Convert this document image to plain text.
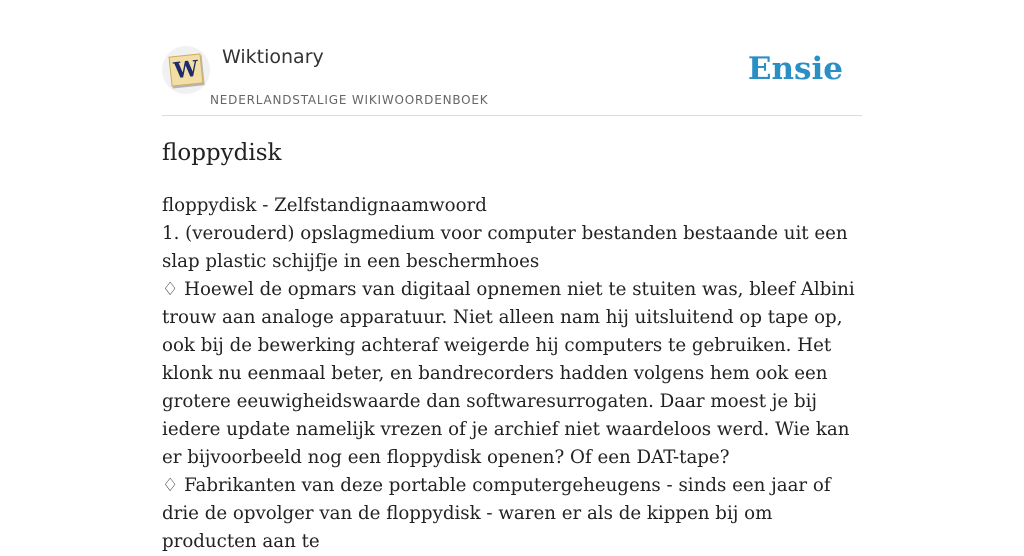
W Wiktionary
NEDERLANDSTALIGE WIKIWOORDENBOEK
Ensie
floppydisk

floppydisk - Zelfstandignaamwoord

1. (verouderd) opslagmedium voor computer bestanden bestaande uit een slap plastic schijfje in een beschermhoes

♢ Hoewel de opmars van digitaal opnemen niet te stuiten was, bleef Albini trouw aan analoge apparatuur. Niet alleen nam hij uitsluitend op tape op, ook bij de bewerking achteraf weigerde hij computers te gebruiken. Het klonk nu eenmaal beter, en bandrecorders hadden volgens hem ook een grotere eeuwigheidswaarde dan softwaresurrogaten. Daar moest je bij iedere update namelijk vrezen of je archief niet waardeloos werd. Wie kan er bijvoorbeeld nog een floppydisk openen? Of een DAT-tape?

♢ Fabrikanten van deze portable computergeheugens - sinds een jaar of drie de opvolger van de floppydisk - waren er als de kippen bij om producten aan te
